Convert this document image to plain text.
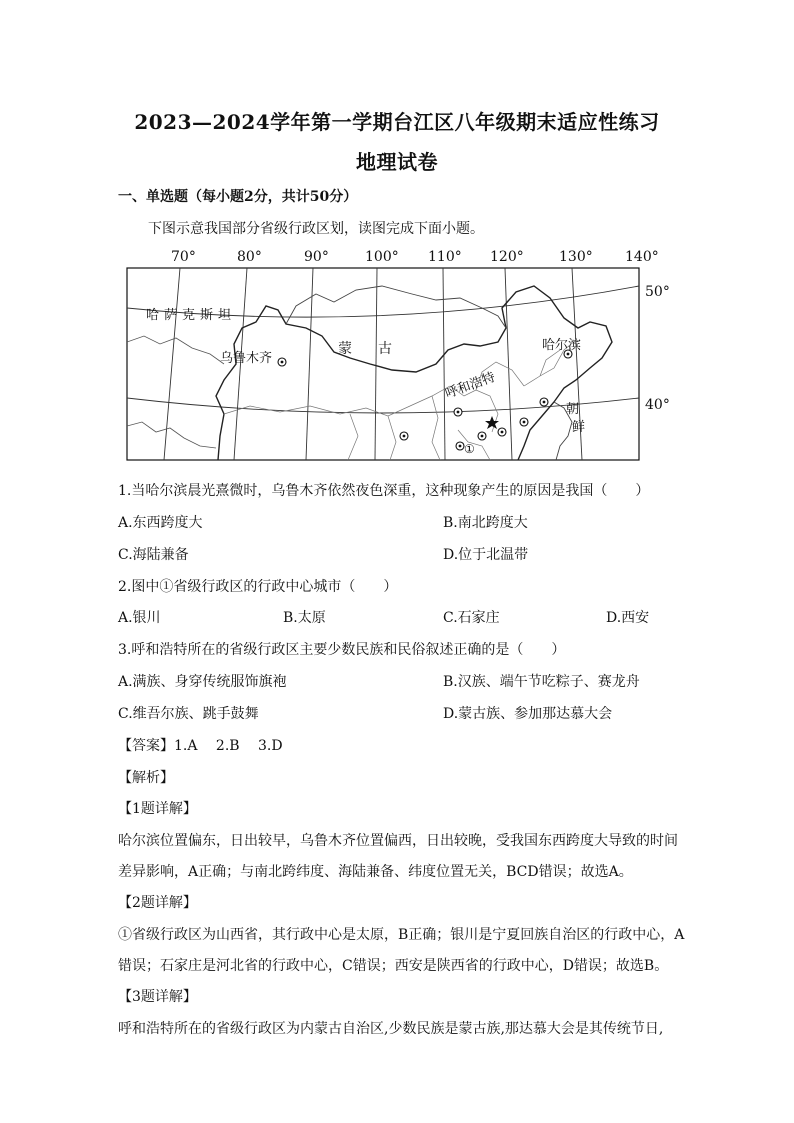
2023—2024学年第一学期台江区八年级期末适应性练习
地理试卷
一、单选题（每小题2分，共计50分）
下图示意我国部分省级行政区划，读图完成下面小题。
70°	80°	90°	100° 110° 120°	130° 140°
50°
40°
哈萨克斯坦
蒙 古
乌鲁木齐
哈尔滨
呼和浩特
朝
鲜
①
1.当哈尔滨晨光熹微时，乌鲁木齐依然夜色深重，这种现象产生的原因是我国（　　）
A.东西跨度大	B.南北跨度大
C.海陆兼备	D.位于北温带
2.图中①省级行政区的行政中心城市（　　）
A.银川	B.太原	C.石家庄	D.西安
3.呼和浩特所在的省级行政区主要少数民族和民俗叙述正确的是（　　）
A.满族、身穿传统服饰旗袍	B.汉族、端午节吃粽子、赛龙舟
C.维吾尔族、跳手鼓舞	D.蒙古族、参加那达慕大会
【答案】1.A　 2.B　 3.D
【解析】
【1题详解】
哈尔滨位置偏东，日出较早，乌鲁木齐位置偏西，日出较晚，受我国东西跨度大导致的时间
差异影响，A正确；与南北跨纬度、海陆兼备、纬度位置无关，BCD错误；故选A。
【2题详解】
①省级行政区为山西省，其行政中心是太原，B正确；银川是宁夏回族自治区的行政中心，A
错误；石家庄是河北省的行政中心，C错误；西安是陕西省的行政中心，D错误；故选B。
【3题详解】
呼和浩特所在的省级行政区为内蒙古自治区,少数民族是蒙古族,那达慕大会是其传统节日,
